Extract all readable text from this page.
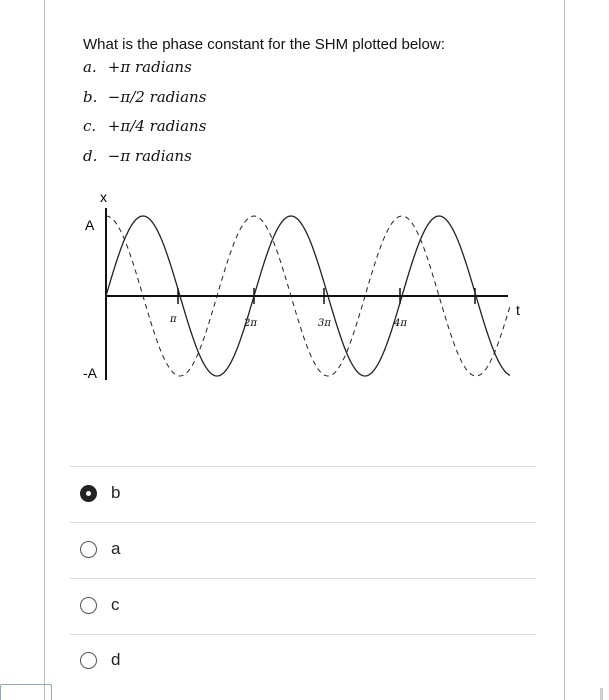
What is the phase constant for the SHM plotted below:
a. +π radians
b. −π/2 radians
c. +π/4 radians
d. −π radians
x
A
-A
t
π	2π	3π	4π
b
a
c
d
